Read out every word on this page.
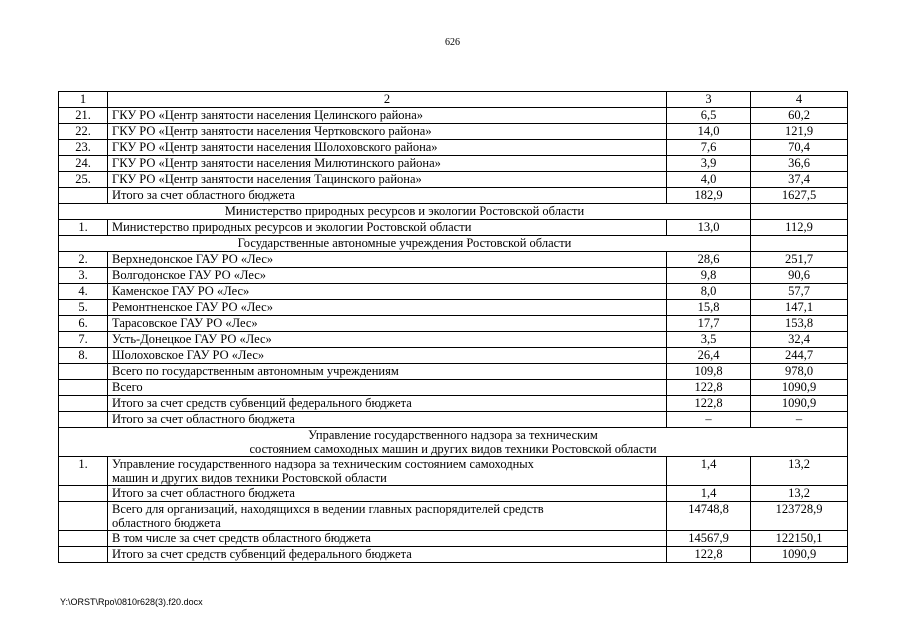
626
1	2	3	4
21.	ГКУ РО «Центр занятости населения Целинского района»	6,5	60,2
22.	ГКУ РО «Центр занятости населения Чертковского района»	14,0	121,9
23.	ГКУ РО «Центр занятости населения Шолоховского района»	7,6	70,4
24.	ГКУ РО «Центр занятости населения Милютинского района»	3,9	36,6
25.	ГКУ РО «Центр занятости населения Тацинского района»	4,0	37,4
	Итого за счет областного бюджета	182,9	1627,5
Министерство природных ресурсов и экологии Ростовской области			
1.	Министерство природных ресурсов и экологии Ростовской области	13,0	112,9
Государственные автономные учреждения Ростовской области			
2.	Верхнедонское ГАУ РО «Лес»	28,6	251,7
3.	Волгодонское ГАУ РО «Лес»	9,8	90,6
4.	Каменское ГАУ РО «Лес»	8,0	57,7
5.	Ремонтненское ГАУ РО «Лес»	15,8	147,1
6.	Тарасовское ГАУ РО «Лес»	17,7	153,8
7.	Усть-Донецкое ГАУ РО «Лес»	3,5	32,4
8.	Шолоховское ГАУ РО «Лес»	26,4	244,7
	Всего по государственным автономным учреждениям	109,8	978,0
	Всего	122,8	1090,9
	Итого за счет средств субвенций федерального бюджета	122,8	1090,9
	Итого за счет областного бюджета	–	–

Управление государственного надзора за техническим
состоянием самоходных машин и других видов техники Ростовской области			

1.	Управление государственного надзора за техническим состоянием самоходных
машин и других видов техники Ростовской области	1,4	13,2
	Итого за счет областного бюджета	1,4	13,2

	Всего для организаций, находящихся в ведении главных распорядителей средств
областного бюджета	14748,8	123728,9
	В том числе за счет средств областного бюджета	14567,9	122150,1
	Итого за счет средств субвенций федерального бюджета	122,8	1090,9
Y:\ORST\Rpo\0810r628(3).f20.docx
